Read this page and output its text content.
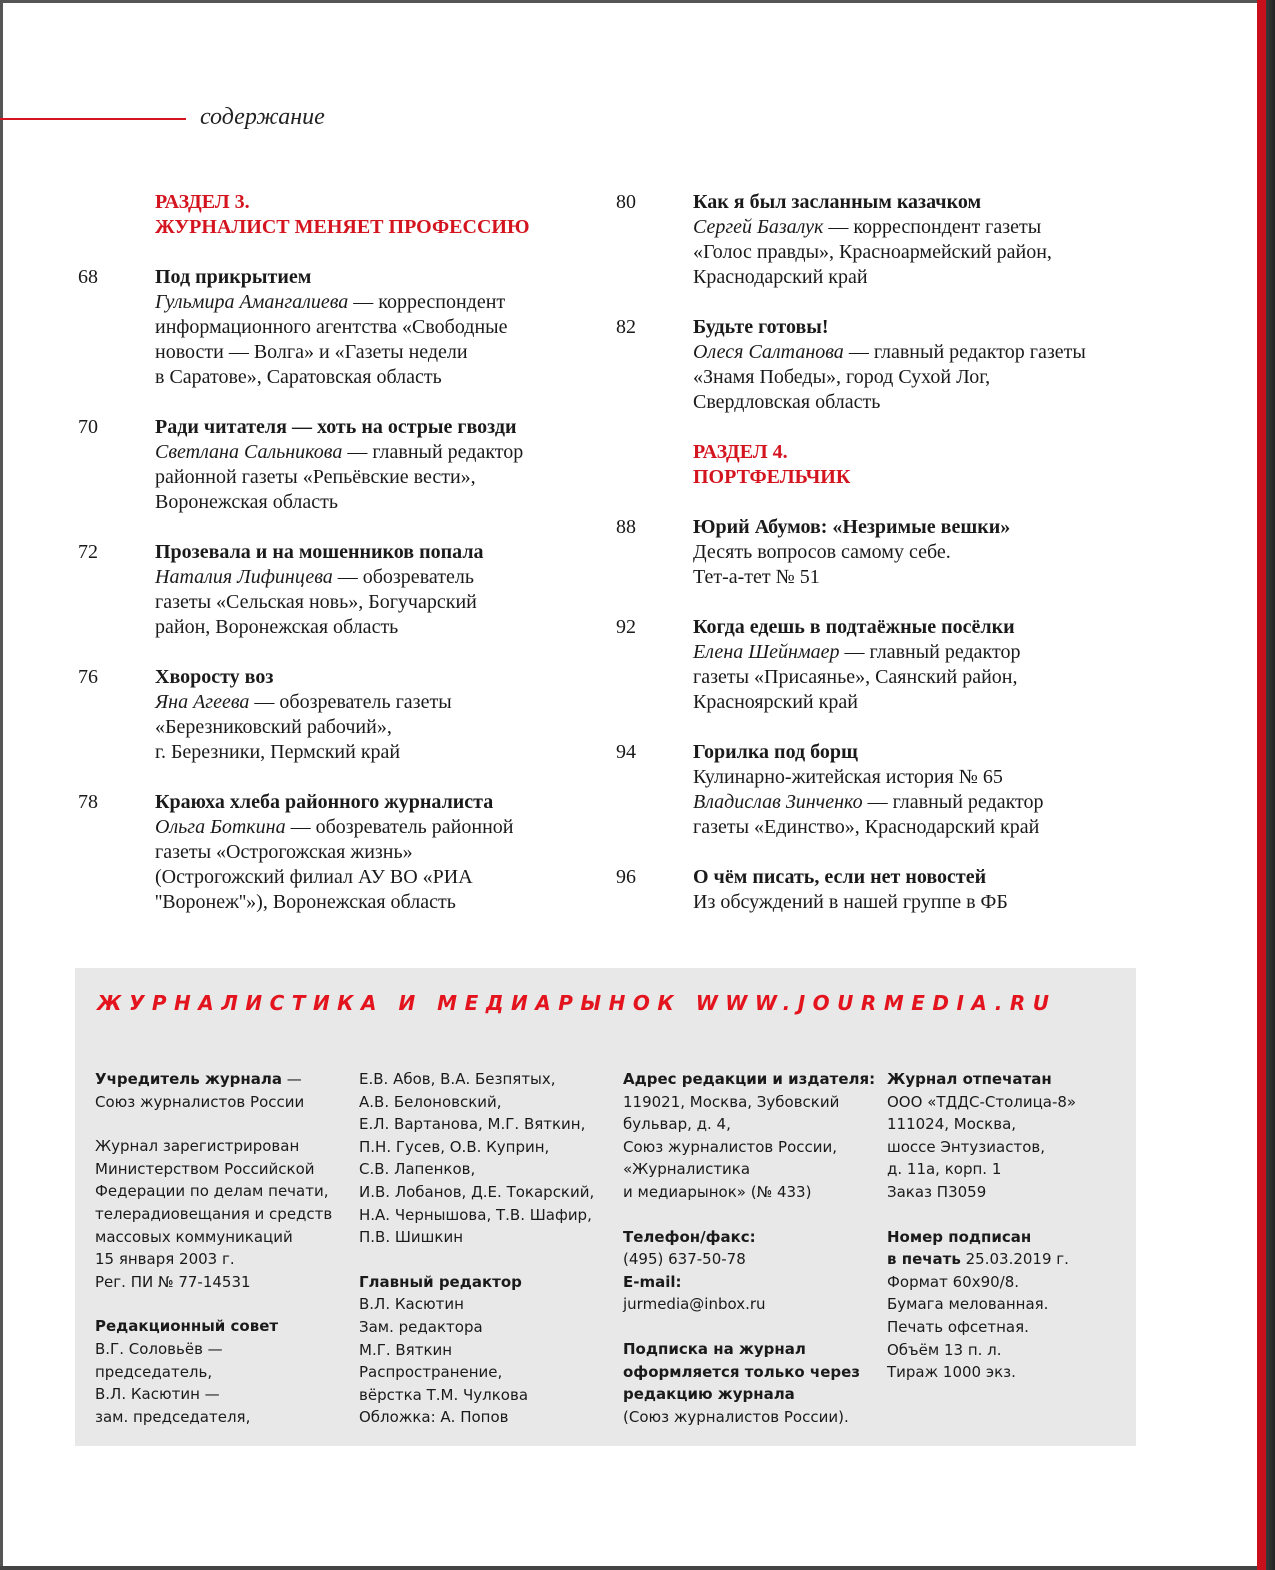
содержание
РАЗДЕЛ 3.
ЖУРНАЛИСТ МЕНЯЕТ ПРОФЕССИЮ
68	Под прикрытием
Гульмира Амангалиева — корреспондент
информационного агентства «Свободные
новости — Волга» и «Газеты недели
в Саратове», Саратовская область
70	Ради читателя — хоть на острые гвозди
Светлана Сальникова — главный редактор
районной газеты «Репьёвские вести»,
Воронежская область
72	Прозевала и на мошенников попала
Наталия Лифинцева — обозреватель
газеты «Сельская новь», Богучарский
район, Воронежская область
76	Хворосту воз
Яна Агеева — обозреватель газеты
«Березниковский рабочий»,
г. Березники, Пермский край
78	Краюха хлеба районного журналиста
Ольга Боткина — обозреватель районной
газеты «Острогожская жизнь»
(Острогожский филиал АУ ВО «РИА
''Воронеж''»), Воронежская область
80	Как я был засланным казачком
Сергей Базалук — корреспондент газеты
«Голос правды», Красноармейский район,
Краснодарский край
82	Будьте готовы!
Олеся Салтанова — главный редактор газеты
«Знамя Победы», город Сухой Лог,
Свердловская область
РАЗДЕЛ 4.
ПОРТФЕЛЬЧИК
88	Юрий Абумов: «Незримые вешки»
Десять вопросов самому себе.
Тет-а-тет № 51
92	Когда едешь в подтаёжные посёлки
Елена Шейнмаер — главный редактор
газеты «Присаянье», Саянский район,
Красноярский край
94	Горилка под борщ
Кулинарно-житейская история № 65
Владислав Зинченко — главный редактор
газеты «Единство», Краснодарский край
96	О чём писать, если нет новостей
Из обсуждений в нашей группе в ФБ
ЖУРНАЛИСТИКА И МЕДИАРЫНОК WWW.JOURMEDIA.RU
Учредитель журнала —
Союз журналистов России
Журнал зарегистрирован
Министерством Российской
Федерации по делам печати,
телерадиовещания и средств
массовых коммуникаций
15 января 2003 г.
Рег. ПИ № 77-14531
Редакционный совет
В.Г. Соловьёв —
председатель,
В.Л. Касютин —
зам. председателя,
Е.В. Абов, В.А. Безпятых,
А.В. Белоновский,
Е.Л. Вартанова, М.Г. Вяткин,
П.Н. Гусев, О.В. Куприн,
С.В. Лапенков,
И.В. Лобанов, Д.Е. Токарский,
Н.А. Чернышова, Т.В. Шафир,
П.В. Шишкин
Главный редактор
В.Л. Касютин
Зам. редактора
М.Г. Вяткин
Распространение,
вёрстка Т.М. Чулкова
Обложка: А. Попов
Адрес редакции и издателя:
119021, Москва, Зубовский
бульвар, д. 4,
Союз журналистов России,
«Журналистика
и медиарынок» (№ 433)
Телефон/факс:
(495) 637-50-78
E-mail:
jurmedia@inbox.ru
Подписка на журнал
оформляется только через
редакцию журнала
(Союз журналистов России).
Журнал отпечатан
ООО «ТДДС-Столица-8»
111024, Москва,
шоссе Энтузиастов,
д. 11а, корп. 1
Заказ П3059
Номер подписан
в печать 25.03.2019 г.
Формат 60x90/8.
Бумага мелованная.
Печать офсетная.
Объём 13 п. л.
Тираж 1000 экз.
